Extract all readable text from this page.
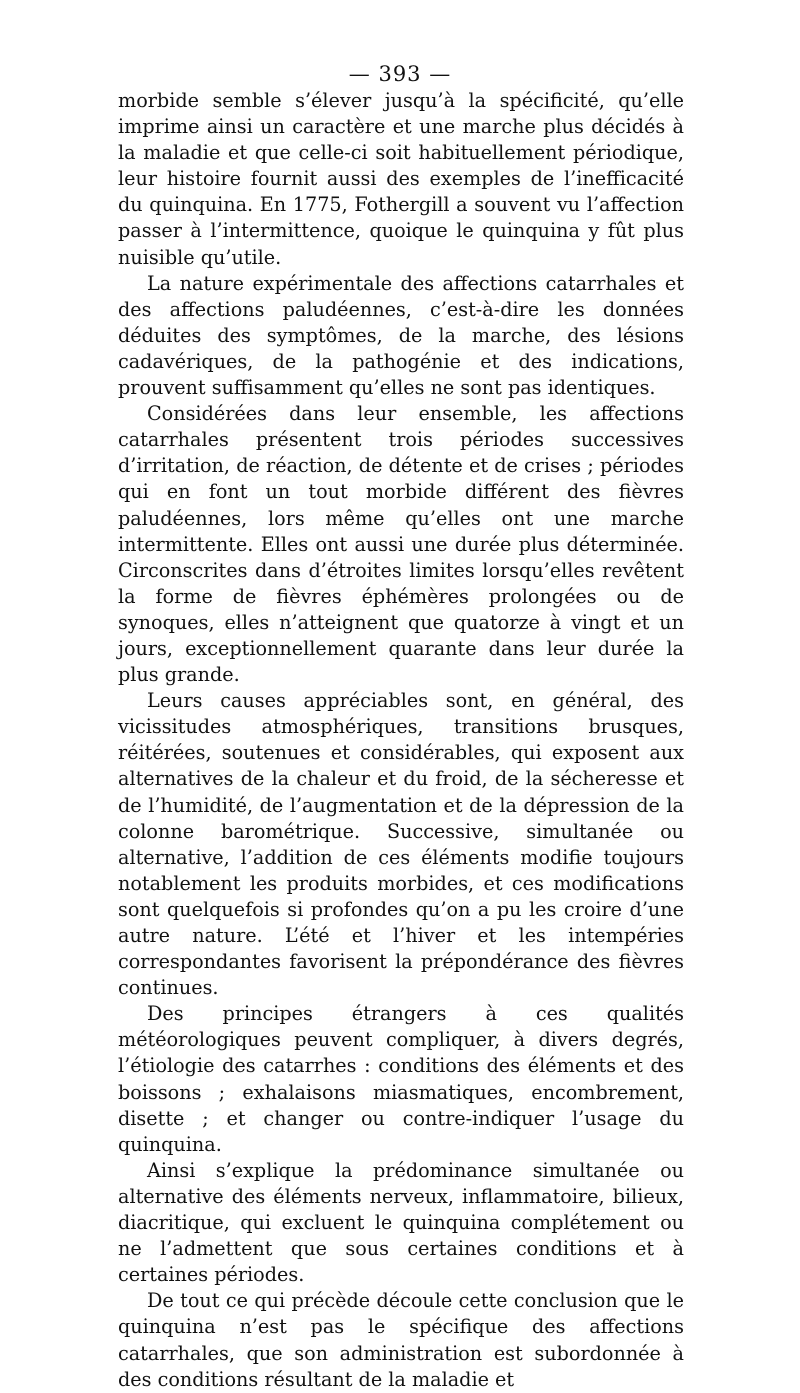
— 393 —

morbide semble s’élever jusqu’à la spécificité, qu’elle imprime ainsi un caractère et une marche plus décidés à la maladie et que celle-ci soit habituellement périodique, leur histoire fournit aussi des exemples de l’inefficacité du quinquina. En 1775, Fothergill a souvent vu l’affection passer à l’intermittence, quoique le quinquina y fût plus nuisible qu’utile.

La nature expérimentale des affections catarrhales et des affections paludéennes, c’est-à-dire les données déduites des symptômes, de la marche, des lésions cadavériques, de la pathogénie et des indications, prouvent suffisamment qu’elles ne sont pas identiques.

Considérées dans leur ensemble, les affections catarrhales présentent trois périodes successives d’irritation, de réaction, de détente et de crises ; périodes qui en font un tout morbide différent des fièvres paludéennes, lors même qu’elles ont une marche intermittente. Elles ont aussi une durée plus déterminée. Circonscrites dans d’étroites limites lorsqu’elles revêtent la forme de fièvres éphémères prolongées ou de synoques, elles n’atteignent que quatorze à vingt et un jours, exceptionnellement quarante dans leur durée la plus grande.

Leurs causes appréciables sont, en général, des vicissitudes atmosphériques, transitions brusques, réitérées, soutenues et considérables, qui exposent aux alternatives de la chaleur et du froid, de la sécheresse et de l’humidité, de l’augmentation et de la dépression de la colonne barométrique. Successive, simultanée ou alternative, l’addition de ces éléments modifie toujours notablement les produits morbides, et ces modifications sont quelquefois si profondes qu’on a pu les croire d’une autre nature. L’été et l’hiver et les intempéries correspondantes favorisent la prépondérance des fièvres continues.

Des principes étrangers à ces qualités météorologiques peuvent compliquer, à divers degrés, l’étiologie des catarrhes : conditions des éléments et des boissons ; exhalaisons miasmatiques, encombrement, disette ; et changer ou contre-indiquer l’usage du quinquina.

Ainsi s’explique la prédominance simultanée ou alternative des éléments nerveux, inflammatoire, bilieux, diacritique, qui excluent le quinquina complétement ou ne l’admettent que sous certaines conditions et à certaines périodes.

De tout ce qui précède découle cette conclusion que le quinquina n’est pas le spécifique des affections catarrhales, que son administration est subordonnée à des conditions résultant de la maladie et
